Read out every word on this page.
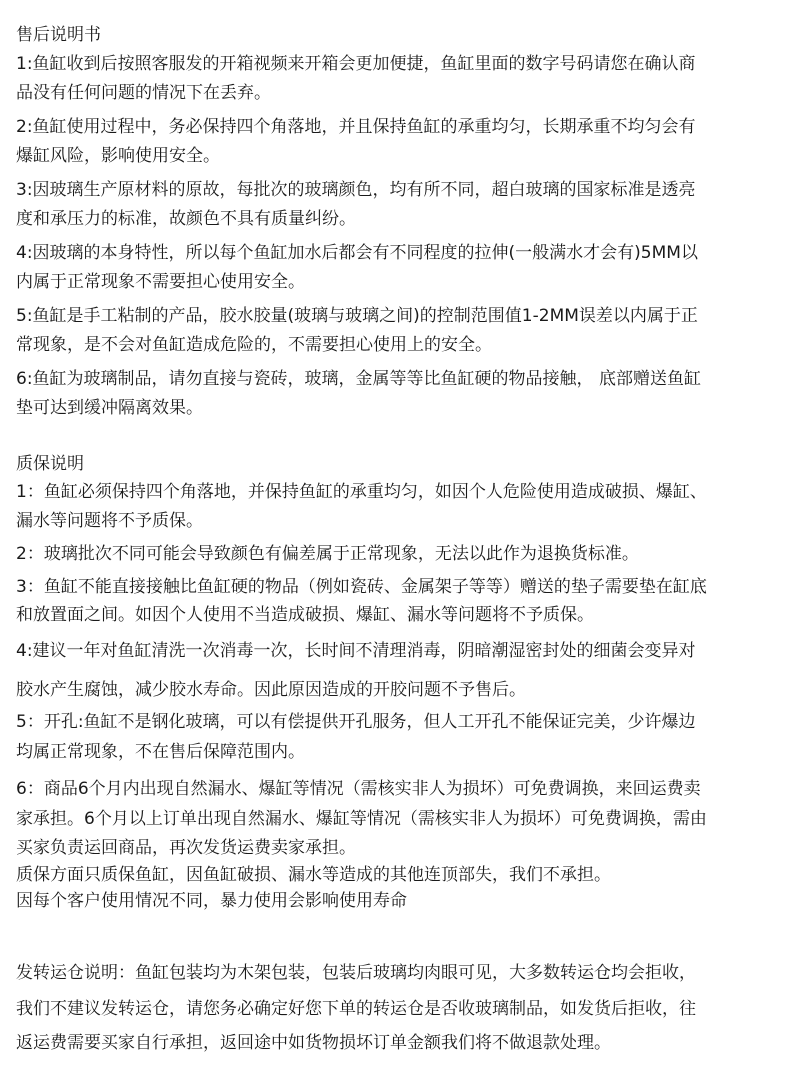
售后说明书
1:鱼缸收到后按照客服发的开箱视频来开箱会更加便捷，鱼缸里面的数字号码请您在确认商
品没有任何问题的情况下在丢弃。
2:鱼缸使用过程中，务必保持四个角落地，并且保持鱼缸的承重均匀，长期承重不均匀会有
爆缸风险，影响使用安全。
3:因玻璃生产原材料的原故，每批次的玻璃颜色，均有所不同，超白玻璃的国家标准是透亮
度和承压力的标准，故颜色不具有质量纠纷。
4:因玻璃的本身特性，所以每个鱼缸加水后都会有不同程度的拉伸(一般满水才会有)5MM以
内属于正常现象不需要担心使用安全。
5:鱼缸是手工粘制的产品，胶水胶量(玻璃与玻璃之间)的控制范围值1-2MM误差以内属于正
常现象，是不会对鱼缸造成危险的，不需要担心使用上的安全。
6:鱼缸为玻璃制品，请勿直接与瓷砖，玻璃，金属等等比鱼缸硬的物品接触， 底部赠送鱼缸
垫可达到缓冲隔离效果。
质保说明
1：鱼缸必须保持四个角落地，并保持鱼缸的承重均匀，如因个人危险使用造成破损、爆缸、
漏水等问题将不予质保。
2：玻璃批次不同可能会导致颜色有偏差属于正常现象，无法以此作为退换货标准。
3：鱼缸不能直接接触比鱼缸硬的物品（例如瓷砖、金属架子等等）赠送的垫子需要垫在缸底
和放置面之间。如因个人使用不当造成破损、爆缸、漏水等问题将不予质保。
4:建议一年对鱼缸清洗一次消毒一次，长时间不清理消毒，阴暗潮湿密封处的细菌会变异对
胶水产生腐蚀，减少胶水寿命。因此原因造成的开胶问题不予售后。
5：开孔:鱼缸不是钢化玻璃，可以有偿提供开孔服务，但人工开孔不能保证完美，少许爆边
均属正常现象，不在售后保障范围内。
6：商品6个月内出现自然漏水、爆缸等情况（需核实非人为损坏）可免费调换，来回运费卖
家承担。6个月以上订单出现自然漏水、爆缸等情况（需核实非人为损坏）可免费调换，需由
买家负责运回商品，再次发货运费卖家承担。
质保方面只质保鱼缸，因鱼缸破损、漏水等造成的其他连顶部失，我们不承担。
因每个客户使用情况不同，暴力使用会影响使用寿命
发转运仓说明：鱼缸包装均为木架包装，包装后玻璃均肉眼可见，大多数转运仓均会拒收，
我们不建议发转运仓，请您务必确定好您下单的转运仓是否收玻璃制品，如发货后拒收，往
返运费需要买家自行承担，返回途中如货物损坏订单金额我们将不做退款处理。
